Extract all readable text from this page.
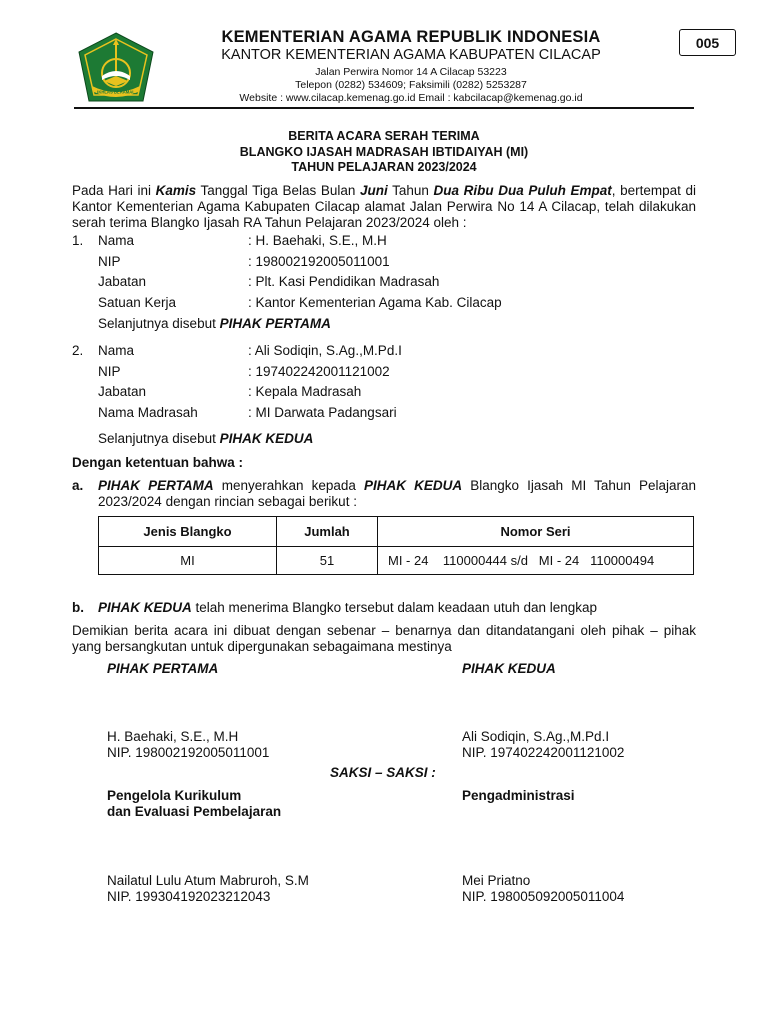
IKHLAS BERAMAL
KEMENTERIAN AGAMA REPUBLIK INDONESIA
KANTOR KEMENTERIAN AGAMA KABUPATEN CILACAP
Jalan Perwira Nomor 14 A Cilacap 53223
Telepon (0282) 534609; Faksimili (0282) 5253287
Website : www.cilacap.kemenag.go.id Email : kabcilacap@kemenag.go.id
005
BERITA ACARA SERAH TERIMA
BLANGKO IJASAH MADRASAH IBTIDAIYAH (MI)
TAHUN PELAJARAN 2023/2024
Pada Hari ini Kamis Tanggal Tiga Belas Bulan Juni Tahun Dua Ribu Dua Puluh Empat, bertempat di Kantor Kementerian Agama Kabupaten Cilacap alamat Jalan Perwira No 14 A Cilacap, telah dilakukan serah terima Blangko Ijasah RA Tahun Pelajaran 2023/2024 oleh :
1. Nama	: H. Baehaki, S.E., M.H
NIP	: 198002192005011001
Jabatan	: Plt. Kasi Pendidikan Madrasah
Satuan Kerja	: Kantor Kementerian Agama Kab. Cilacap
Selanjutnya disebut PIHAK PERTAMA
2. Nama	: Ali Sodiqin, S.Ag.,M.Pd.I
NIP	: 197402242001121002
Jabatan	: Kepala Madrasah
Nama Madrasah	: MI Darwata Padangsari
Selanjutnya disebut PIHAK KEDUA
Dengan ketentuan bahwa :
a. PIHAK PERTAMA menyerahkan kepada PIHAK KEDUA Blangko Ijasah MI Tahun Pelajaran
2023/2024 dengan rincian sebagai berikut :
Jenis Blangko	Jumlah	Nomor Seri
MI	51	MI - 24    110000444 s/d   MI - 24   110000494
b. PIHAK KEDUA telah menerima Blangko tersebut dalam keadaan utuh dan lengkap
Demikian berita acara ini dibuat dengan sebenar – benarnya dan ditandatangani oleh pihak – pihak yang bersangkutan untuk dipergunakan sebagaimana mestinya
PIHAK PERTAMA	PIHAK KEDUA
H. Baehaki, S.E., M.H
NIP. 198002192005011001
Ali Sodiqin, S.Ag.,M.Pd.I
NIP. 197402242001121002
SAKSI – SAKSI :
Pengelola Kurikulum
dan Evaluasi Pembelajaran
Pengadministrasi
Nailatul Lulu Atum Mabruroh, S.M
NIP. 199304192023212043
Mei Priatno
NIP. 198005092005011004
